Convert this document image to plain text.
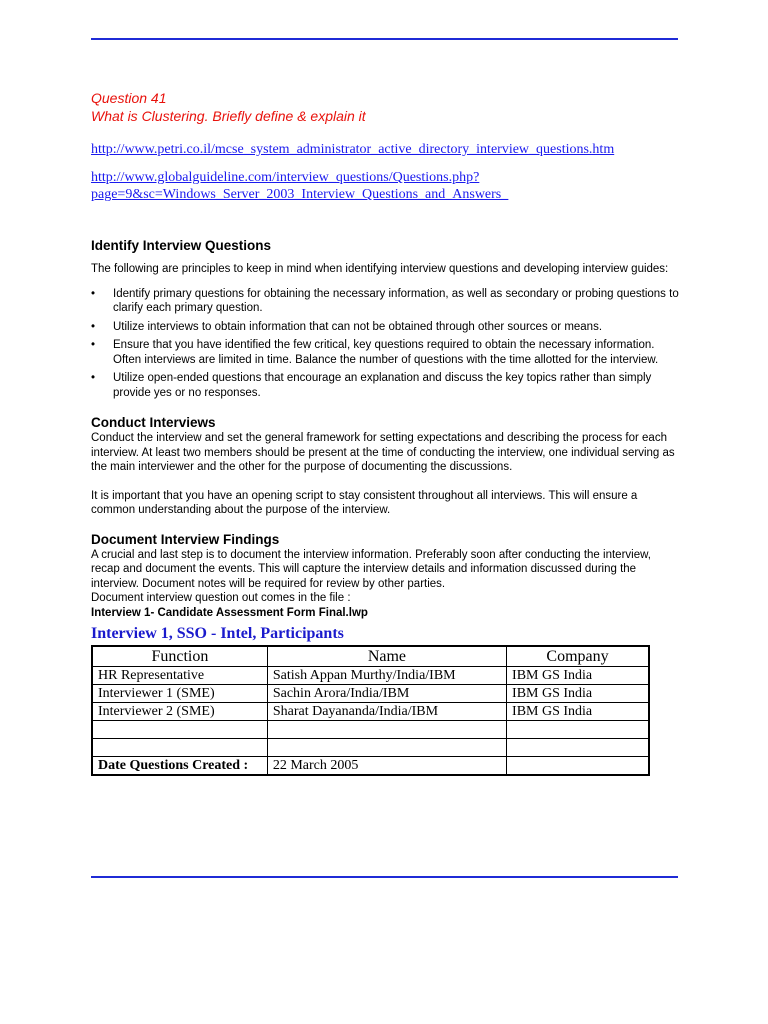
Question 41
What is Clustering. Briefly define & explain it
http://www.petri.co.il/mcse_system_administrator_active_directory_interview_questions.htm
http://www.globalguideline.com/interview_questions/Questions.php?
page=9&sc=Windows_Server_2003_Interview_Questions_and_Answers_
Identify Interview Questions

The following are principles to keep in mind when identifying interview questions and developing interview guides:

• Identify primary questions for obtaining the necessary information, as well as secondary or probing questions to clarify each primary question.
• Utilize interviews to obtain information that can not be obtained through other sources or means.
• Ensure that you have identified the few critical, key questions required to obtain the necessary information. Often interviews are limited in time. Balance the number of questions with the time allotted for the interview.
• Utilize open-ended questions that encourage an explanation and discuss the key topics rather than simply provide yes or no responses.
Conduct Interviews

Conduct the interview and set the general framework for setting expectations and describing the process for each interview. At least two members should be present at the time of conducting the interview, one individual serving as the main interviewer and the other for the purpose of documenting the discussions.

It is important that you have an opening script to stay consistent throughout all interviews. This will ensure a common understanding about the purpose of the interview.

Document Interview Findings

A crucial and last step is to document the interview information. Preferably soon after conducting the interview, recap and document the events. This will capture the interview details and information discussed during the interview. Document notes will be required for review by other parties.

Document interview question out comes in the file :

Interview 1- Candidate Assessment Form Final.lwp
Interview 1, SSO - Intel, Participants
Function	Name	Company
HR Representative	Satish Appan Murthy/India/IBM	IBM GS India
Interviewer 1 (SME)	Sachin Arora/India/IBM	IBM GS India
Interviewer 2 (SME)	Sharat Dayananda/India/IBM	IBM GS India

Date Questions Created :	22 March 2005	
